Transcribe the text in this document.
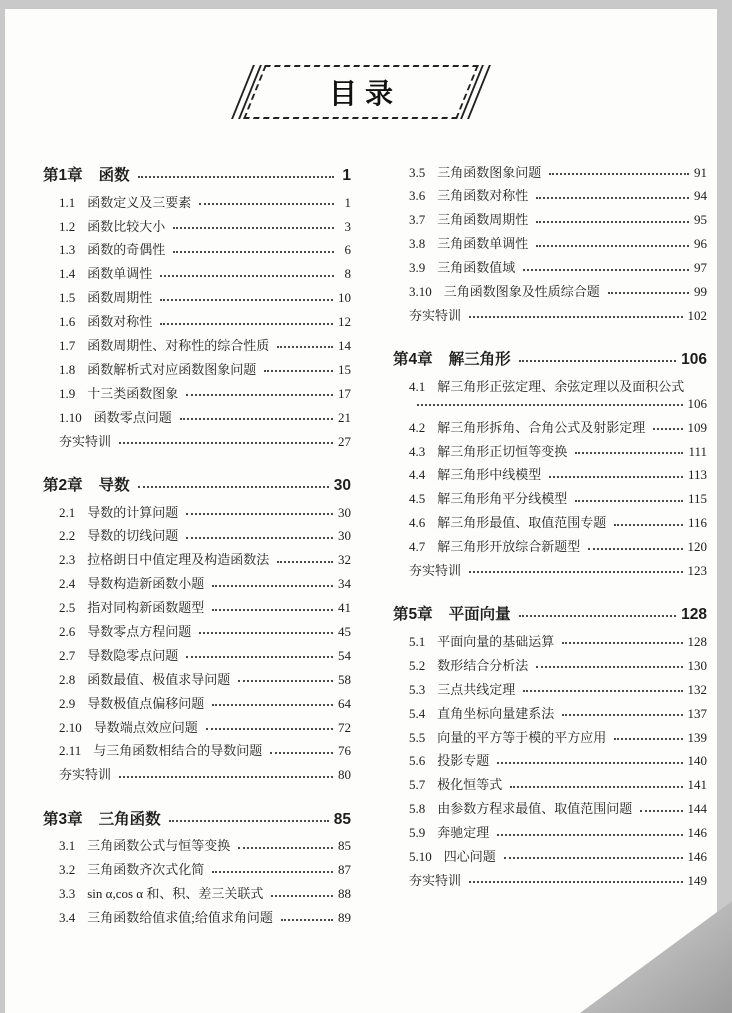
目录
第1章 函数	1
1.1 函数定义及三要素	1
1.2 函数比较大小	3
1.3 函数的奇偶性	6
1.4 函数单调性	8
1.5 函数周期性	10
1.6 函数对称性	12
1.7 函数周期性、对称性的综合性质	14
1.8 函数解析式对应函数图象问题	15
1.9 十三类函数图象	17
1.10 函数零点问题	21
夯实特训	27
第2章 导数	30
2.1 导数的计算问题	30
2.2 导数的切线问题	30
2.3 拉格朗日中值定理及构造函数法	32
2.4 导数构造新函数小题	34
2.5 指对同构新函数题型	41
2.6 导数零点方程问题	45
2.7 导数隐零点问题	54
2.8 函数最值、极值求导问题	58
2.9 导数极值点偏移问题	64
2.10 导数端点效应问题	72
2.11 与三角函数相结合的导数问题	76
夯实特训	80
第3章 三角函数	85
3.1 三角函数公式与恒等变换	85
3.2 三角函数齐次式化简	87
3.3 sin α,cos α 和、积、差三关联式	88
3.4 三角函数给值求值;给值求角问题	89
3.5 三角函数图象问题	91
3.6 三角函数对称性	94
3.7 三角函数周期性	95
3.8 三角函数单调性	96
3.9 三角函数值域	97
3.10 三角函数图象及性质综合题	99
夯实特训	102
第4章 解三角形	106
4.1 解三角形正弦定理、余弦定理以及面积公式
106
4.2 解三角形拆角、合角公式及射影定理	109
4.3 解三角形正切恒等变换	111
4.4 解三角形中线模型	113
4.5 解三角形角平分线模型	115
4.6 解三角形最值、取值范围专题	116
4.7 解三角形开放综合新题型	120
夯实特训	123
第5章 平面向量	128
5.1 平面向量的基础运算	128
5.2 数形结合分析法	130
5.3 三点共线定理	132
5.4 直角坐标向量建系法	137
5.5 向量的平方等于模的平方应用	139
5.6 投影专题	140
5.7 极化恒等式	141
5.8 由参数方程求最值、取值范围问题	144
5.9 奔驰定理	146
5.10 四心问题	146
夯实特训	149
